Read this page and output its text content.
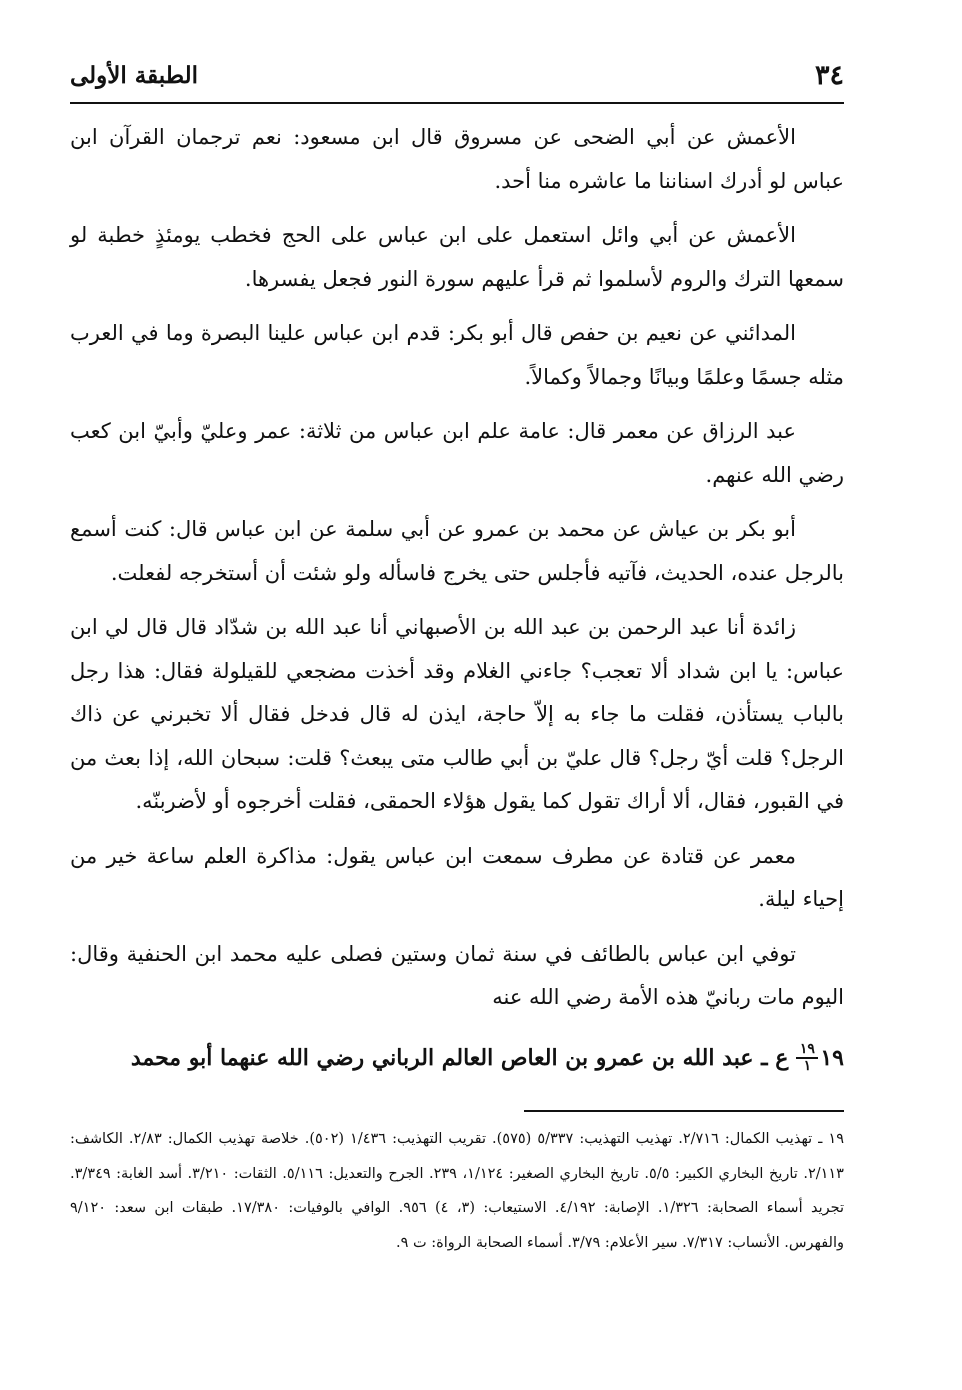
٣٤
الطبقة الأولى

الأعمش عن أبي الضحى عن مسروق قال ابن مسعود: نعم ترجمان القرآن ابن عباس لو أدرك اسناننا ما عاشره منا أحد.

الأعمش عن أبي وائل استعمل على ابن عباس على الحج فخطب يومئذٍ خطبة لو سمعها الترك والروم لأسلموا ثم قرأ عليهم سورة النور فجعل يفسرها.

المدائني عن نعيم بن حفص قال أبو بكر: قدم ابن عباس علينا البصرة وما في العرب مثله جسمًا وعلمًا وبيانًا وجمالاً وكمالاً.

عبد الرزاق عن معمر قال: عامة علم ابن عباس من ثلاثة: عمر وعليّ وأبيّ ابن كعب رضي الله عنهم.

أبو بكر بن عياش عن محمد بن عمرو عن أبي سلمة عن ابن عباس قال: كنت أسمع بالرجل عنده، الحديث، فآتيه فأجلس حتى يخرج فاسأله ولو شئت أن أستخرجه لفعلت.

زائدة أنا عبد الرحمن بن عبد الله بن الأصبهاني أنا عبد الله بن شدّاد قال قال لي ابن عباس: يا ابن شداد ألا تعجب؟ جاءني الغلام وقد أخذت مضجعي للقيلولة فقال: هذا رجل بالباب يستأذن، فقلت ما جاء به إلاّ حاجة، ايذن له قال فدخل فقال ألا تخبرني عن ذاك الرجل؟ قلت أيّ رجل؟ قال عليّ بن أبي طالب متى يبعث؟ قلت: سبحان الله، إذا بعث من في القبور، فقال، ألا أراك تقول كما يقول هؤلاء الحمقى، فقلت أخرجوه أو لأضربنّه.

معمر عن قتادة عن مطرف سمعت ابن عباس يقول: مذاكرة العلم ساعة خير من إحياء ليلة.

توفي ابن عباس بالطائف في سنة ثمان وستين فصلى عليه محمد ابن الحنفية وقال: اليوم مات ربانيّ هذه الأمة رضي الله عنه

١٩
$\frac{١٩}{١}$
ع ـ عبد الله بن عمرو بن العاص العالم الرباني رضي الله عنهما أبو محمد

١٩ ـ تهذيب الكمال: ٢/٧١٦. تهذيب التهذيب: ٥/٣٣٧ (٥٧٥). تقريب التهذيب: ١/٤٣٦ (٥٠٢). خلاصة تهذيب الكمال: ٢/٨٣. الكاشف: ٢/١١٣. تاريخ البخاري الكبير: ٥/٥. تاريخ البخاري الصغير: ١/١٢٤، ٢٣٩. الجرح والتعديل: ٥/١١٦. الثقات: ٣/٢١٠. أسد الغابة: ٣/٣٤٩. تجريد أسماء الصحابة: ١/٣٢٦. الإصابة: ٤/١٩٢. الاستيعاب: (٣، ٤) ٩٥٦. الوافي بالوفيات: ١٧/٣٨٠. طبقات ابن سعد: ٩/١٢٠ والفهرس. الأنساب: ٧/٣١٧. سير الأعلام: ٣/٧٩. أسماء الصحابة الرواة: ت ٩.
